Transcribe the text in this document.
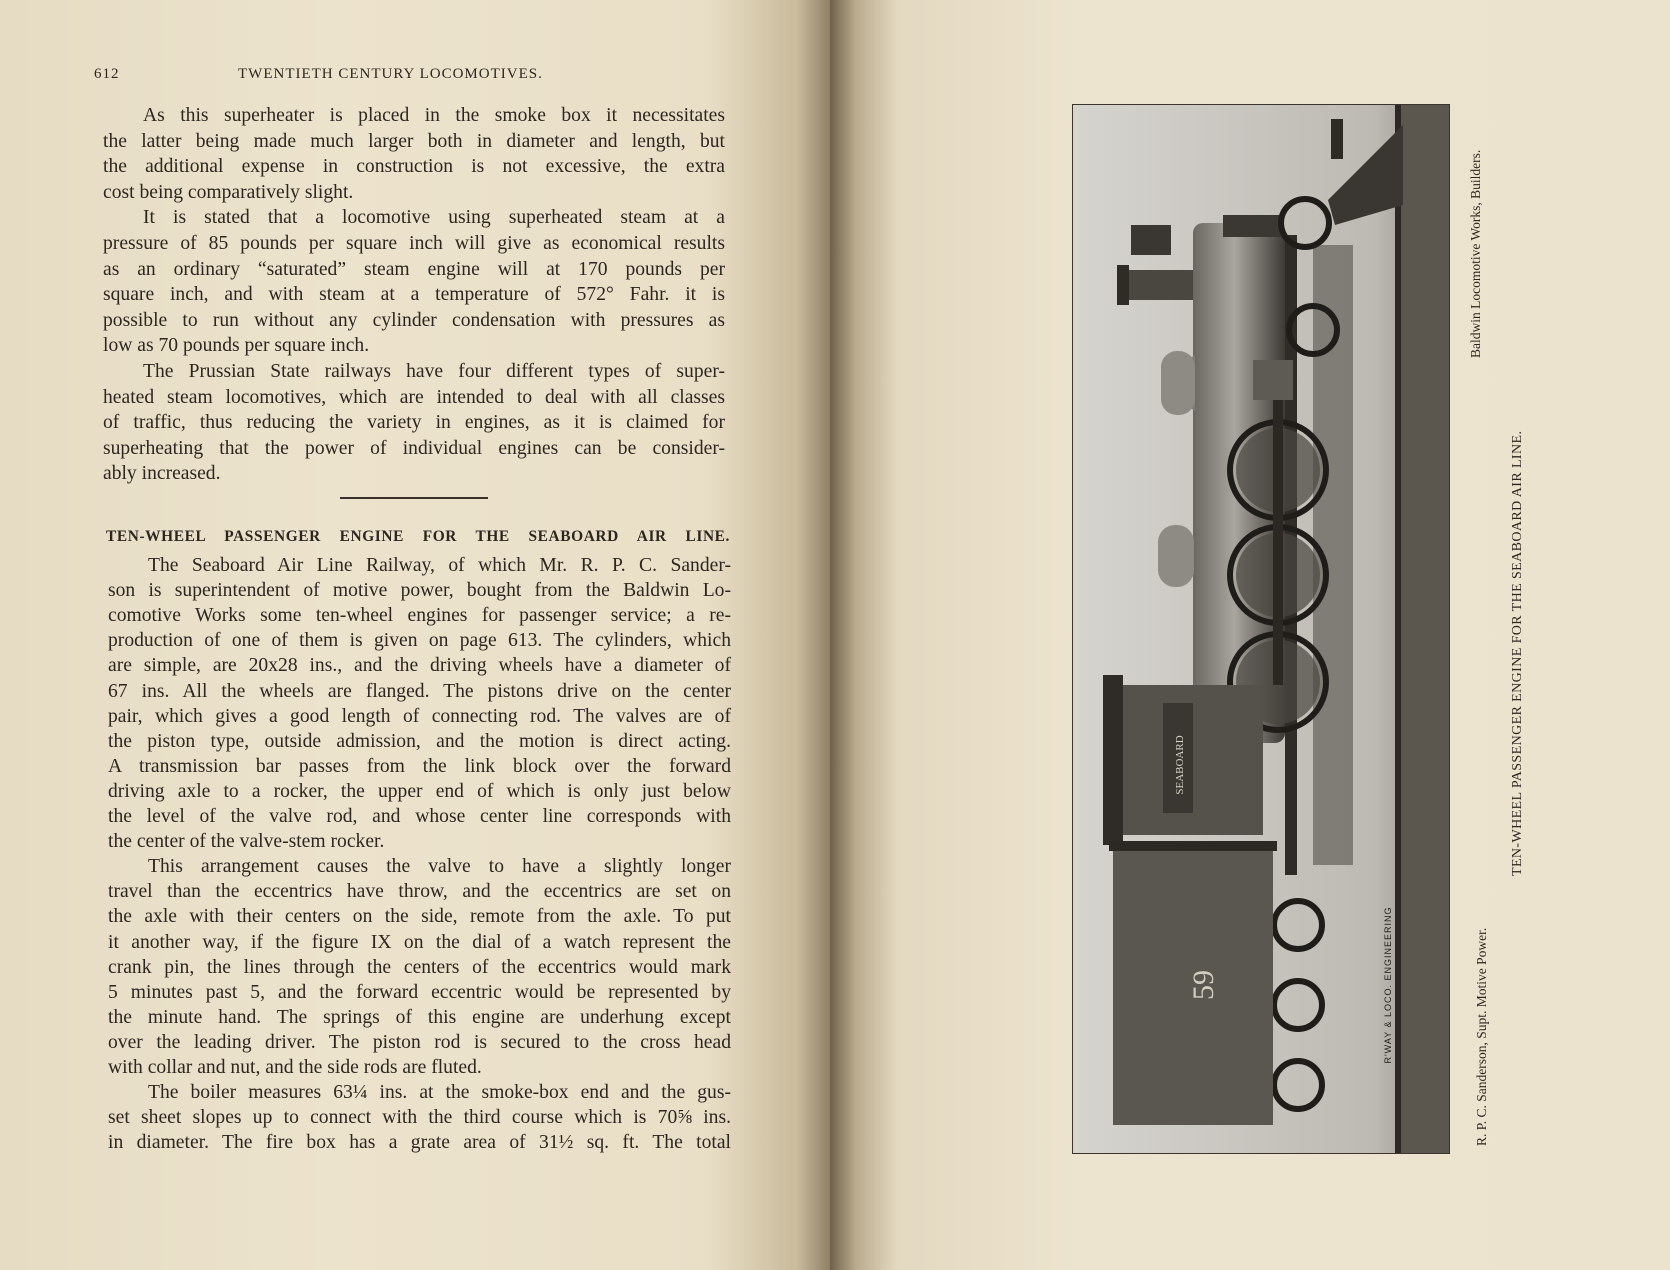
612	TWENTIETH CENTURY LOCOMOTIVES.
As this superheater is placed in the smoke box it necessitates
the latter being made much larger both in diameter and length, but
the additional expense in construction is not excessive, the extra
cost being comparatively slight.
It is stated that a locomotive using superheated steam at a
pressure of 85 pounds per square inch will give as economical results
as an ordinary “saturated” steam engine will at 170 pounds per
square inch, and with steam at a temperature of 572° Fahr. it is
possible to run without any cylinder condensation with pressures as
low as 70 pounds per square inch.
The Prussian State railways have four different types of super-
heated steam locomotives, which are intended to deal with all classes
of traffic, thus reducing the variety in engines, as it is claimed for
superheating that the power of individual engines can be consider-
ably increased.
TEN-WHEEL PASSENGER ENGINE FOR THE SEABOARD AIR LINE.
The Seaboard Air Line Railway, of which Mr. R. P. C. Sander-
son is superintendent of motive power, bought from the Baldwin Lo-
comotive Works some ten-wheel engines for passenger service; a re-
production of one of them is given on page 613. The cylinders, which
are simple, are 20x28 ins., and the driving wheels have a diameter of
67 ins. All the wheels are flanged. The pistons drive on the center
pair, which gives a good length of connecting rod. The valves are of
the piston type, outside admission, and the motion is direct acting.
A transmission bar passes from the link block over the forward
driving axle to a rocker, the upper end of which is only just below
the level of the valve rod, and whose center line corresponds with
the center of the valve-stem rocker.
This arrangement causes the valve to have a slightly longer
travel than the eccentrics have throw, and the eccentrics are set on
the axle with their centers on the side, remote from the axle. To put
it another way, if the figure IX on the dial of a watch represent the
crank pin, the lines through the centers of the eccentrics would mark
5 minutes past 5, and the forward eccentric would be represented by
the minute hand. The springs of this engine are underhung except
over the leading driver. The piston rod is secured to the cross head
with collar and nut, and the side rods are fluted.
The boiler measures 63¼ ins. at the smoke-box end and the gus-
set sheet slopes up to connect with the third course which is 70⅝ ins.
in diameter. The fire box has a grate area of 31½ sq. ft. The total
SEABOARD
59	R'WAY & LOCO. ENGINEERING
Baldwin Locomotive Works, Builders.
TEN-WHEEL PASSENGER ENGINE FOR THE SEABOARD AIR LINE.
R. P. C. Sanderson, Supt. Motive Power.
